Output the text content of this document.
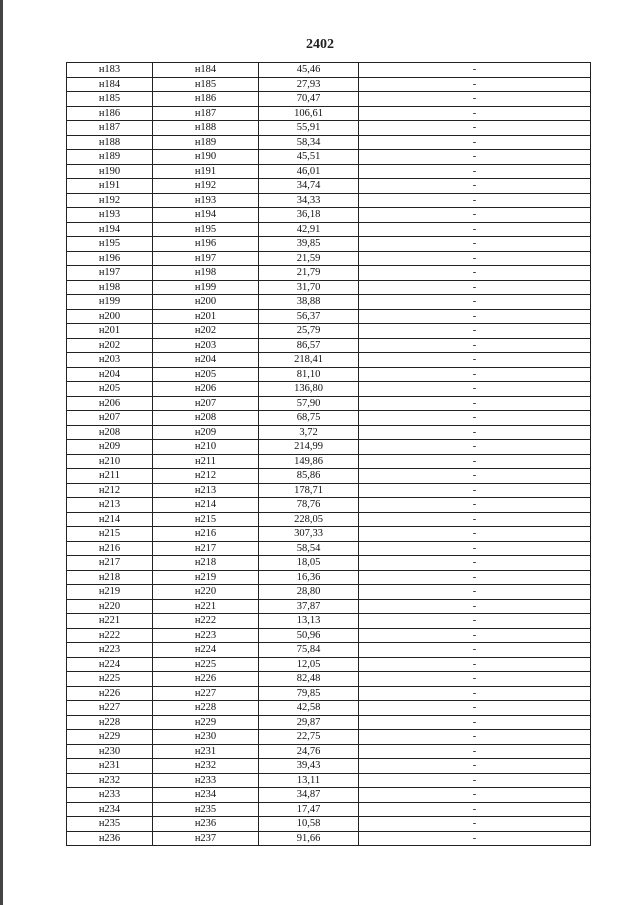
2402
н183	н184	45,46	-
н184	н185	27,93	-
н185	н186	70,47	-
н186	н187	106,61	-
н187	н188	55,91	-
н188	н189	58,34	-
н189	н190	45,51	-
н190	н191	46,01	-
н191	н192	34,74	-
н192	н193	34,33	-
н193	н194	36,18	-
н194	н195	42,91	-
н195	н196	39,85	-
н196	н197	21,59	-
н197	н198	21,79	-
н198	н199	31,70	-
н199	н200	38,88	-
н200	н201	56,37	-
н201	н202	25,79	-
н202	н203	86,57	-
н203	н204	218,41	-
н204	н205	81,10	-
н205	н206	136,80	-
н206	н207	57,90	-
н207	н208	68,75	-
н208	н209	3,72	-
н209	н210	214,99	-
н210	н211	149,86	-
н211	н212	85,86	-
н212	н213	178,71	-
н213	н214	78,76	-
н214	н215	228,05	-
н215	н216	307,33	-
н216	н217	58,54	-
н217	н218	18,05	-
н218	н219	16,36	-
н219	н220	28,80	-
н220	н221	37,87	-
н221	н222	13,13	-
н222	н223	50,96	-
н223	н224	75,84	-
н224	н225	12,05	-
н225	н226	82,48	-
н226	н227	79,85	-
н227	н228	42,58	-
н228	н229	29,87	-
н229	н230	22,75	-
н230	н231	24,76	-
н231	н232	39,43	-
н232	н233	13,11	-
н233	н234	34,87	-
н234	н235	17,47	-
н235	н236	10,58	-
н236	н237	91,66	-
